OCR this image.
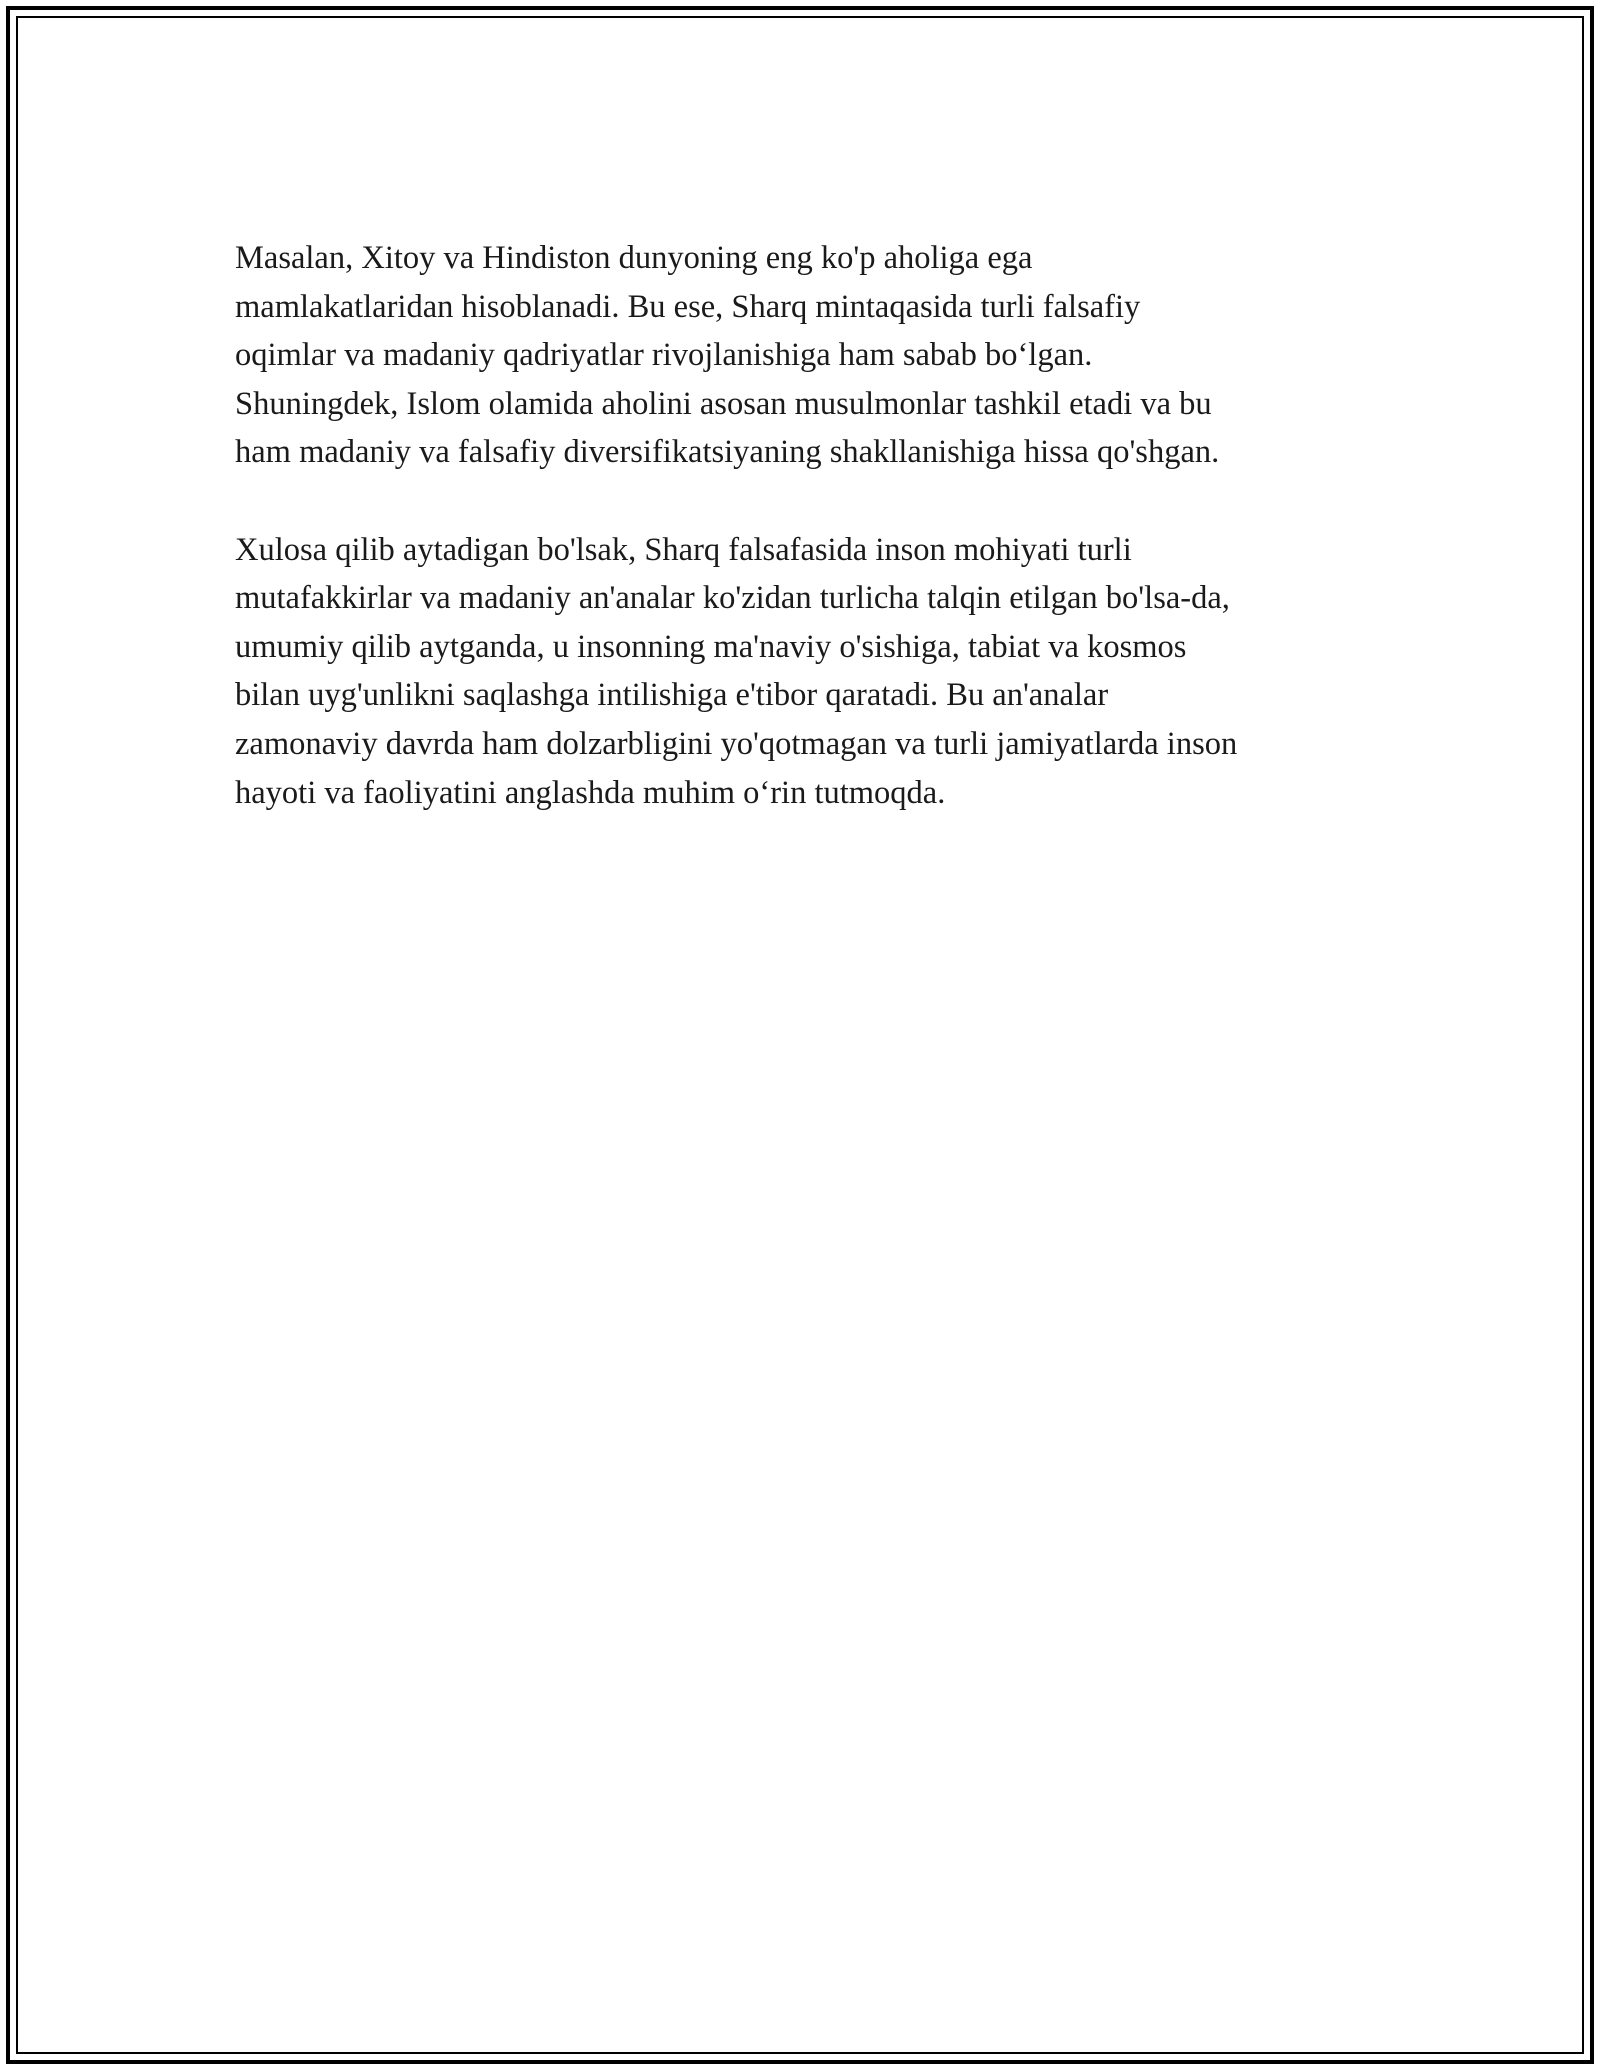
Masalan, Xitoy va Hindiston dunyoning eng ko'p aholiga ega
mamlakatlaridan hisoblanadi. Bu ese, Sharq mintaqasida turli falsafiy
oqimlar va madaniy qadriyatlar rivojlanishiga ham sabab bo‘lgan.
Shuningdek, Islom olamida aholini asosan musulmonlar tashkil etadi va bu
ham madaniy va falsafiy diversifikatsiyaning shakllanishiga hissa qo'shgan.

Xulosa qilib aytadigan bo'lsak, Sharq falsafasida inson mohiyati turli
mutafakkirlar va madaniy an'analar ko'zidan turlicha talqin etilgan bo'lsa-da,
umumiy qilib aytganda, u insonning ma'naviy o'sishiga, tabiat va kosmos
bilan uyg'unlikni saqlashga intilishiga e'tibor qaratadi. Bu an'analar
zamonaviy davrda ham dolzarbligini yo'qotmagan va turli jamiyatlarda inson
hayoti va faoliyatini anglashda muhim o‘rin tutmoqda.
